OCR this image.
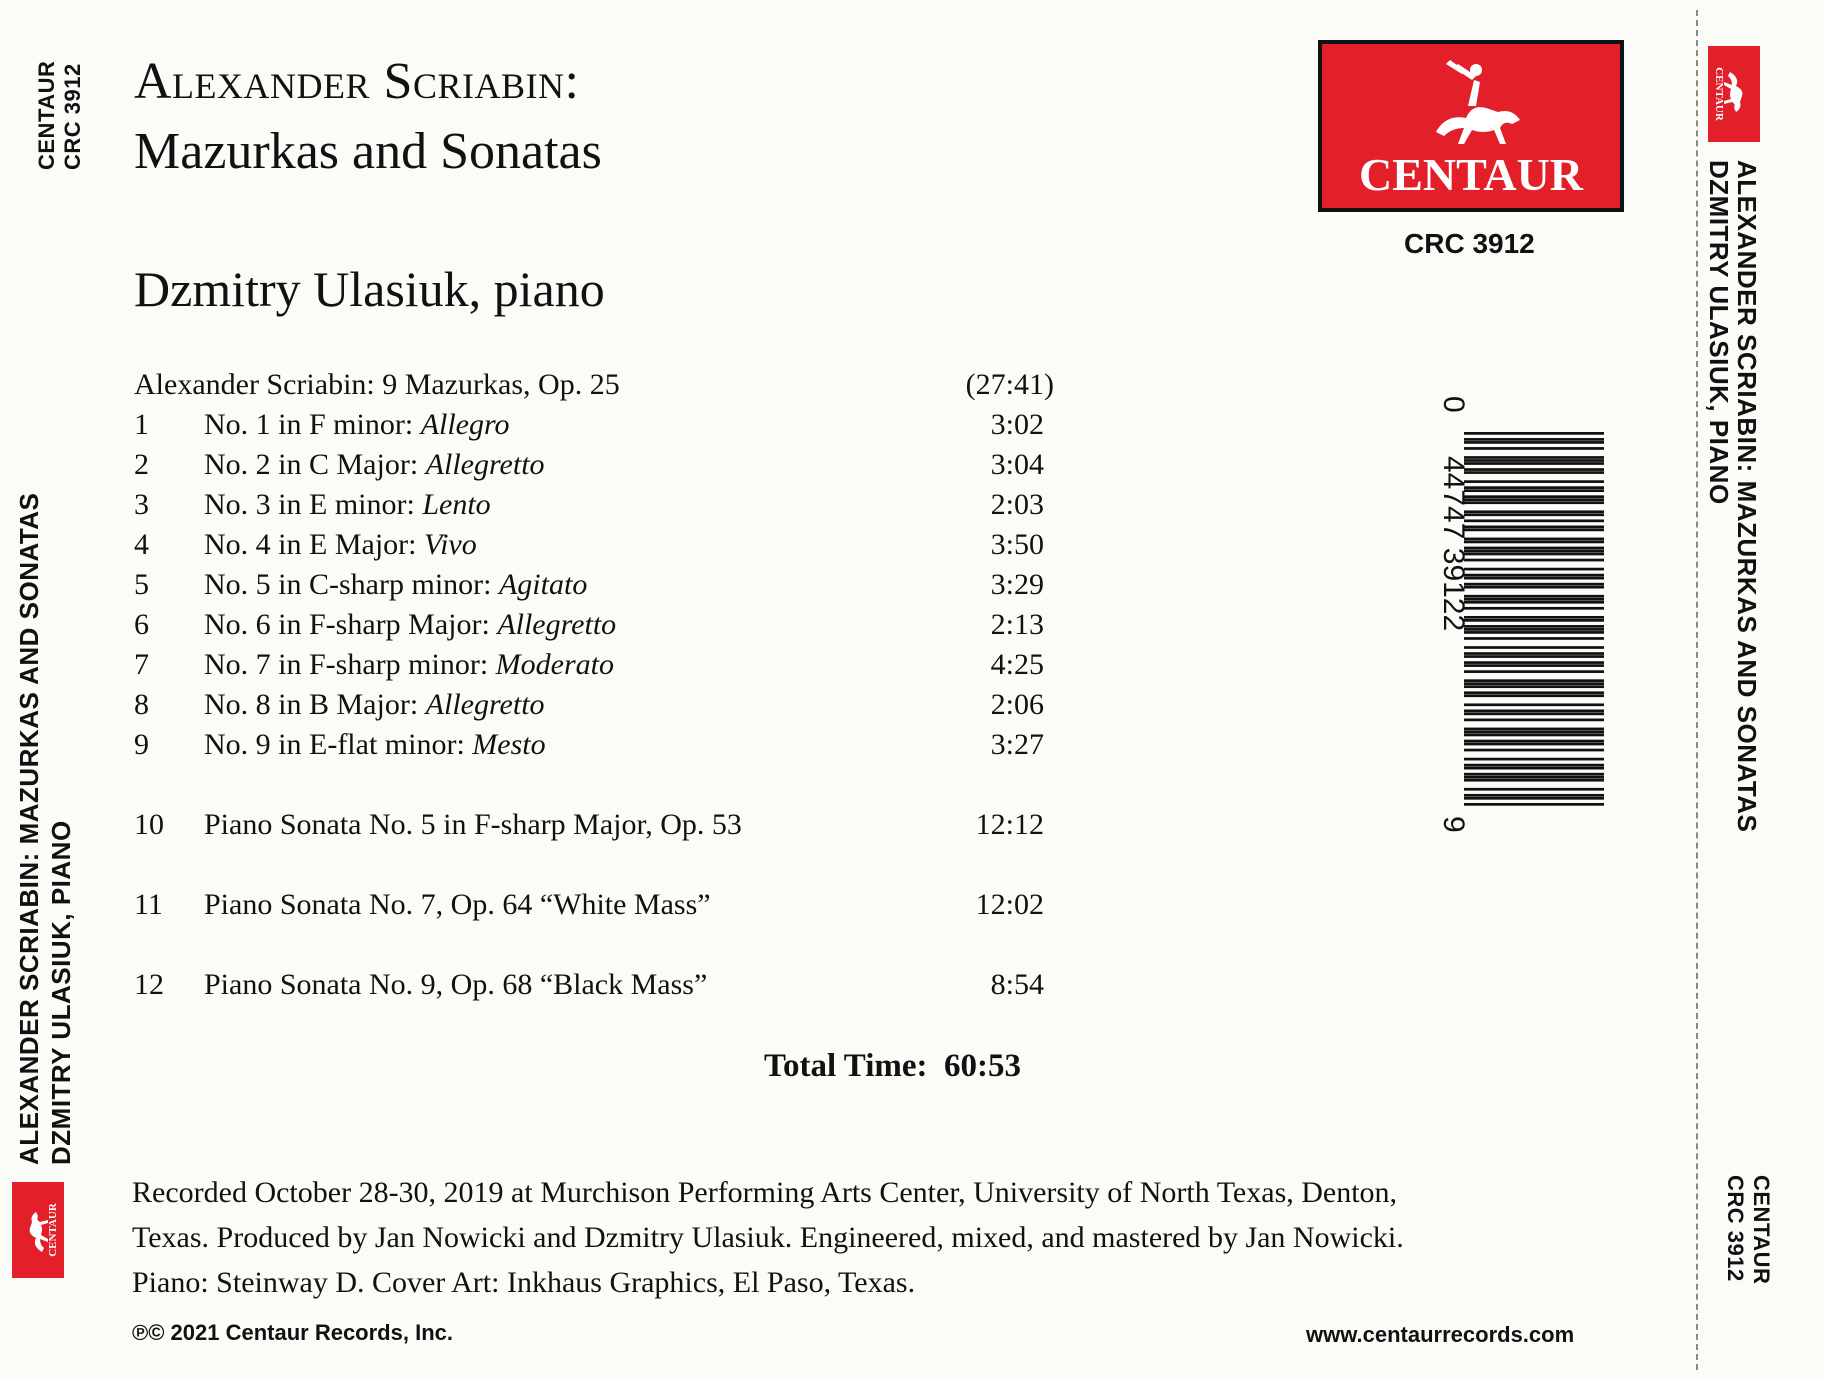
CENTAUR CRC 3912
ALEXANDER SCRIABIN: MAZURKAS AND SONATAS DZMITRY ULASIUK, PIANO
CENTAUR
CENTAUR
ALEXANDER SCRIABIN: MAZURKAS AND SONATAS
DZMITRY ULASIUK, PIANO
CENTAUR
CRC 3912
Alexander Scriabin:
Mazurkas and Sonatas
Dzmitry Ulasiuk, piano
CENTAUR
CRC 3912
Alexander Scriabin: 9 Mazurkas, Op. 25	(27:41)
1 No. 1 in F minor: Allegro	3:02
2 No. 2 in C Major: Allegretto	3:04
3 No. 3 in E minor: Lento	2:03
4 No. 4 in E Major: Vivo	3:50
5 No. 5 in C-sharp minor: Agitato	3:29
6 No. 6 in F-sharp Major: Allegretto	2:13
7 No. 7 in F-sharp minor: Moderato	4:25
8 No. 8 in B Major: Allegretto	2:06
9 No. 9 in E-flat minor: Mesto	3:27
10 Piano Sonata No. 5 in F-sharp Major, Op. 53	12:12
11 Piano Sonata No. 7, Op. 64 “White Mass”	12:02
12 Piano Sonata No. 9, Op. 68 “Black Mass”	8:54
Total Time: 60:53
0
44747 39122
9
Recorded October 28-30, 2019 at Murchison Performing Arts Center, University of North Texas, Denton,
Texas. Produced by Jan Nowicki and Dzmitry Ulasiuk. Engineered, mixed, and mastered by Jan Nowicki.
Piano: Steinway D. Cover Art: Inkhaus Graphics, El Paso, Texas.
℗© 2021 Centaur Records, Inc.	www.centaurrecords.com
